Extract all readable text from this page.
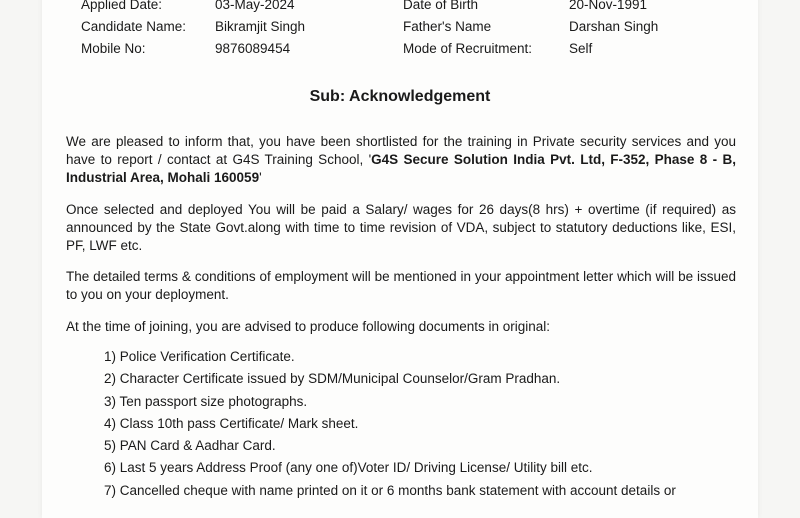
Applied Date:	03-May-2024	Date of Birth	20-Nov-1991
Candidate Name:	Bikramjit Singh	Father's Name	Darshan Singh
Mobile No:	9876089454	Mode of Recruitment:	Self
Sub: Acknowledgement

We are pleased to inform that, you have been shortlisted for the training in Private security services and you have to report / contact at G4S Training School, 'G4S Secure Solution India Pvt. Ltd, F-352, Phase 8 - B, Industrial Area, Mohali 160059'

Once selected and deployed You will be paid a Salary/ wages for 26 days(8 hrs) + overtime (if required) as announced by the State Govt.along with time to time revision of VDA, subject to statutory deductions like, ESI, PF, LWF etc.

The detailed terms & conditions of employment will be mentioned in your appointment letter which will be issued to you on your deployment.

At the time of joining, you are advised to produce following documents in original:

1) Police Verification Certificate.
2) Character Certificate issued by SDM/Municipal Counselor/Gram Pradhan.
3) Ten passport size photographs.
4) Class 10th pass Certificate/ Mark sheet.
5) PAN Card & Aadhar Card.
6) Last 5 years Address Proof (any one of)Voter ID/ Driving License/ Utility bill etc.
7) Cancelled cheque with name printed on it or 6 months bank statement with account details or
